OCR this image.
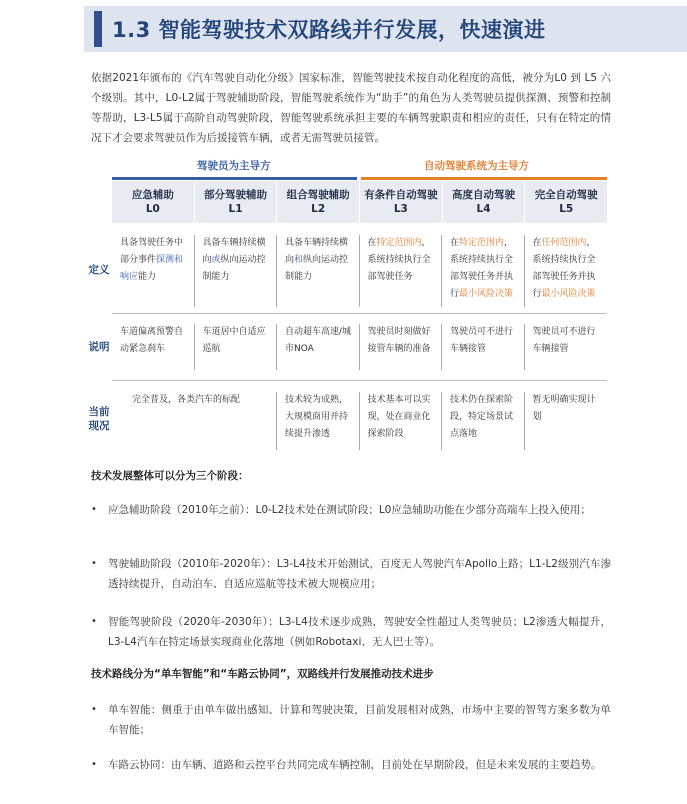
1.3 智能驾驶技术双路线并行发展，快速演进
依据2021年颁布的《汽车驾驶自动化分级》国家标准，智能驾驶技术按自动化程度的高低，被分为L0 到 L5 六个级别。其中，L0-L2属于驾驶辅助阶段，智能驾驶系统作为“助手”的角色为人类驾驶员提供探测、预警和控制等帮助，L3-L5属于高阶自动驾驶阶段，智能驾驶系统承担主要的车辆驾驶职责和相应的责任，只有在特定的情况下才会要求驾驶员作为后援接管车辆，或者无需驾驶员接管。
驾驶员为主导方	自动驾驶系统为主导方
应急辅助
L0
部分驾驶辅助
L1
组合驾驶辅助
L2
有条件自动驾驶
L3
高度自动驾驶
L4
完全自动驾驶
L5
定义
具备驾驶任务中部分事件探测和响应能力
具备车辆持续横向或纵向运动控制能力
具备车辆持续横向和纵向运动控制能力
在特定范围内，系统持续执行全部驾驶任务
在特定范围内，系统持续执行全部驾驶任务并执行最小风险决策
在任何范围内，系统持续执行全部驾驶任务并执行最小风险决策
说明
车道偏离预警自动紧急刹车
车道居中自适应巡航
自动超车高速/城市NOA
驾驶员时刻做好接管车辆的准备
驾驶员可不进行车辆接管
驾驶员可不进行车辆接管
当前
现况
完全普及，各类汽车的标配	技术较为成熟，大规模商用并持续提升渗透
技术基本可以实现，处在商业化探索阶段
技术仍在探索阶段，特定场景试点落地
暂无明确实现计划
技术发展整体可以分为三个阶段：
• 应急辅助阶段（2010年之前）：L0-L2技术处在测试阶段；L0应急辅助功能在少部分高端车上投入使用；
• 驾驶辅助阶段（2010年-2020年）：L3-L4技术开始测试，百度无人驾驶汽车Apollo上路；L1-L2级别汽车渗透持续提升，自动泊车、自适应巡航等技术被大规模应用；
• 智能驾驶阶段（2020年-2030年）：L3-L4技术逐步成熟，驾驶安全性超过人类驾驶员；L2渗透大幅提升，L3-L4汽车在特定场景实现商业化落地（例如Robotaxi、无人巴士等）。
技术路线分为“单车智能”和“车路云协同”，双路线并行发展推动技术进步
• 单车智能：侧重于由单车做出感知、计算和驾驶决策，目前发展相对成熟，市场中主要的智驾方案多数为单车智能；
• 车路云协同：由车辆、道路和云控平台共同完成车辆控制，目前处在早期阶段，但是未来发展的主要趋势。
